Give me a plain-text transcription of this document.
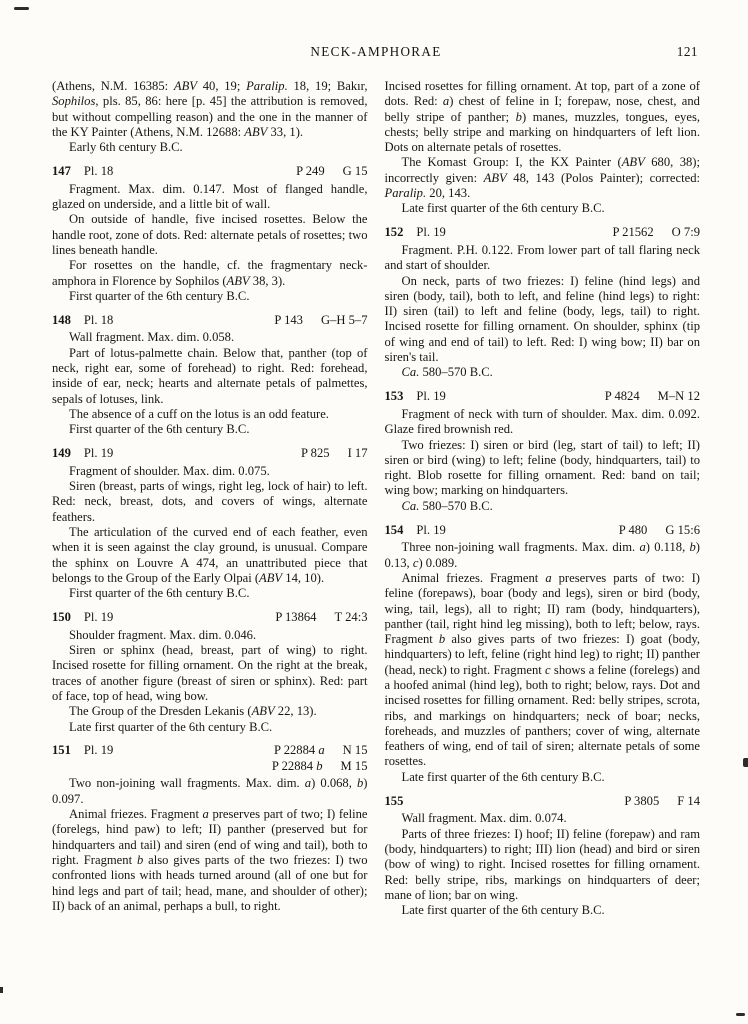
NECK-AMPHORAE	121

(Athens, N.M. 16385: ABV 40, 19; Paralip. 18, 19; Bakır, Sophilos, pls. 85, 86: here [p. 45] the attribution is removed, but without compelling reason) and the one in the manner of the KY Painter (Athens, N.M. 12688: ABV 33, 1).

Early 6th century B.C.

147 Pl. 18	P 249 G 15

Fragment. Max. dim. 0.147. Most of flanged handle, glazed on underside, and a little bit of wall.

On outside of handle, five incised rosettes. Below the handle root, zone of dots. Red: alternate petals of rosettes; two lines beneath handle.

For rosettes on the handle, cf. the fragmentary neck-amphora in Florence by Sophilos (ABV 38, 3).

First quarter of the 6th century B.C.

148 Pl. 18	P 143 G–H 5–7

Wall fragment. Max. dim. 0.058.

Part of lotus-palmette chain. Below that, panther (top of neck, right ear, some of forehead) to right. Red: forehead, inside of ear, neck; hearts and alternate petals of palmettes, sepals of lotuses, link.

The absence of a cuff on the lotus is an odd feature.

First quarter of the 6th century B.C.

149 Pl. 19	P 825 I 17

Fragment of shoulder. Max. dim. 0.075.

Siren (breast, parts of wings, right leg, lock of hair) to left. Red: neck, breast, dots, and covers of wings, alternate feathers.

The articulation of the curved end of each feather, even when it is seen against the clay ground, is unusual. Compare the sphinx on Louvre A 474, an unattributed piece that belongs to the Group of the Early Olpai (ABV 14, 10).

First quarter of the 6th century B.C.

150 Pl. 19	P 13864 T 24:3

Shoulder fragment. Max. dim. 0.046.

Siren or sphinx (head, breast, part of wing) to right. Incised rosette for filling ornament. On the right at the break, traces of another figure (breast of siren or sphinx). Red: part of face, top of head, wing bow.

The Group of the Dresden Lekanis (ABV 22, 13).

Late first quarter of the 6th century B.C.

151 Pl. 19	P 22884 a N 15
P 22884 b M 15

Two non-joining wall fragments. Max. dim. a) 0.068, b) 0.097.

Animal friezes. Fragment a preserves part of two; I) feline (forelegs, hind paw) to left; II) panther (preserved but for hindquarters and tail) and siren (end of wing and tail), both to right. Fragment b also gives parts of the two friezes: I) two confronted lions with heads turned around (all of one but for hind legs and part of tail; head, mane, and shoulder of other); II) back of an animal, perhaps a bull, to right.

Incised rosettes for filling ornament. At top, part of a zone of dots. Red: a) chest of feline in I; forepaw, nose, chest, and belly stripe of panther; b) manes, muzzles, tongues, eyes, chests; belly stripe and marking on hindquarters of left lion. Dots on alternate petals of rosettes.

The Komast Group: I, the KX Painter (ABV 680, 38); incorrectly given: ABV 48, 143 (Polos Painter); corrected: Paralip. 20, 143.

Late first quarter of the 6th century B.C.

152 Pl. 19	P 21562 O 7:9

Fragment. P.H. 0.122. From lower part of tall flaring neck and start of shoulder.

On neck, parts of two friezes: I) feline (hind legs) and siren (body, tail), both to left, and feline (hind legs) to right: II) siren (tail) to left and feline (body, legs, tail) to right. Incised rosette for filling ornament. On shoulder, sphinx (tip of wing and end of tail) to left. Red: I) wing bow; II) bar on siren's tail.

Ca. 580–570 B.C.

153 Pl. 19	P 4824 M–N 12

Fragment of neck with turn of shoulder. Max. dim. 0.092. Glaze fired brownish red.

Two friezes: I) siren or bird (leg, start of tail) to left; II) siren or bird (wing) to left; feline (body, hindquarters, tail) to right. Blob rosette for filling ornament. Red: band on tail; wing bow; marking on hindquarters.

Ca. 580–570 B.C.

154 Pl. 19	P 480 G 15:6

Three non-joining wall fragments. Max. dim. a) 0.118, b) 0.13, c) 0.089.

Animal friezes. Fragment a preserves parts of two: I) feline (forepaws), boar (body and legs), siren or bird (body, wing, tail, legs), all to right; II) ram (body, hindquarters), panther (tail, right hind leg missing), both to left; below, rays. Fragment b also gives parts of two friezes: I) goat (body, hindquarters) to left, feline (right hind leg) to right; II) panther (head, neck) to right. Fragment c shows a feline (forelegs) and a hoofed animal (hind leg), both to right; below, rays. Dot and incised rosettes for filling ornament. Red: belly stripes, scrota, ribs, and markings on hindquarters; neck of boar; necks, foreheads, and muzzles of panthers; cover of wing, alternate feathers of wing, end of tail of siren; alternate petals of some rosettes.

Late first quarter of the 6th century B.C.

155	P 3805 F 14

Wall fragment. Max. dim. 0.074.

Parts of three friezes: I) hoof; II) feline (forepaw) and ram (body, hindquarters) to right; III) lion (head) and bird or siren (bow of wing) to right. Incised rosettes for filling ornament. Red: belly stripe, ribs, markings on hindquarters of deer; mane of lion; bar on wing.

Late first quarter of the 6th century B.C.
